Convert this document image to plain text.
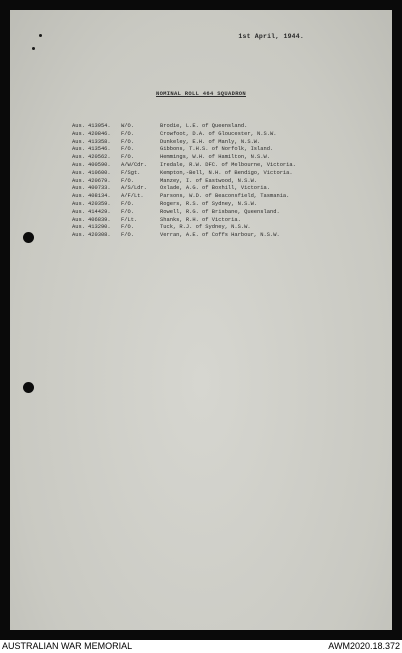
1st April, 1944.
NOMINAL ROLL 464 SQUADRON
Aus. 413954.	W/O.	Brodie, L.E. of Queensland.
Aus. 420846.	F/O.	Crowfoot, D.A. of Gloucester, N.S.W.
Aus. 413358.	F/O.	Dunkeley, E.H. of Manly, N.S.W.
Aus. 413546.	F/O.	Gibbons, T.H.S. of Norfolk, Island.
Aus. 420562.	F/O.	Hemmings, W.H. of Hamilton, N.S.W.
Aus. 400590.	A/W/Cdr.	Iredale, R.W. DFC. of Melbourne, Victoria.
Aus. 410600.	F/Sgt.	Kempton,-Bell, N.H. of Bendigo, Victoria.
Aus. 420679.	F/O.	Manzey, I. of Eastwood, N.S.W.
Aus. 400733.	A/S/Ldr.	Oxlade, A.G. of Boxhill, Victoria.
Aus. 408134.	A/F/Lt.	Parsons, W.D. of Beaconsfield, Tasmania.
Aus. 420359.	F/O.	Rogers, R.S. of Sydney, N.S.W.
Aus. 414429.	F/O.	Rowell, R.G. of Brisbane, Queensland.
Aus. 406839.	F/Lt.	Shanks, R.H. of Victoria.
Aus. 413290.	F/O.	Tuck, R.J. of Sydney, N.S.W.
Aus. 420308.	F/O.	Verran, A.E. of Coffs Harbour, N.S.W.
AUSTRALIAN WAR MEMORIAL	AWM2020.18.372
